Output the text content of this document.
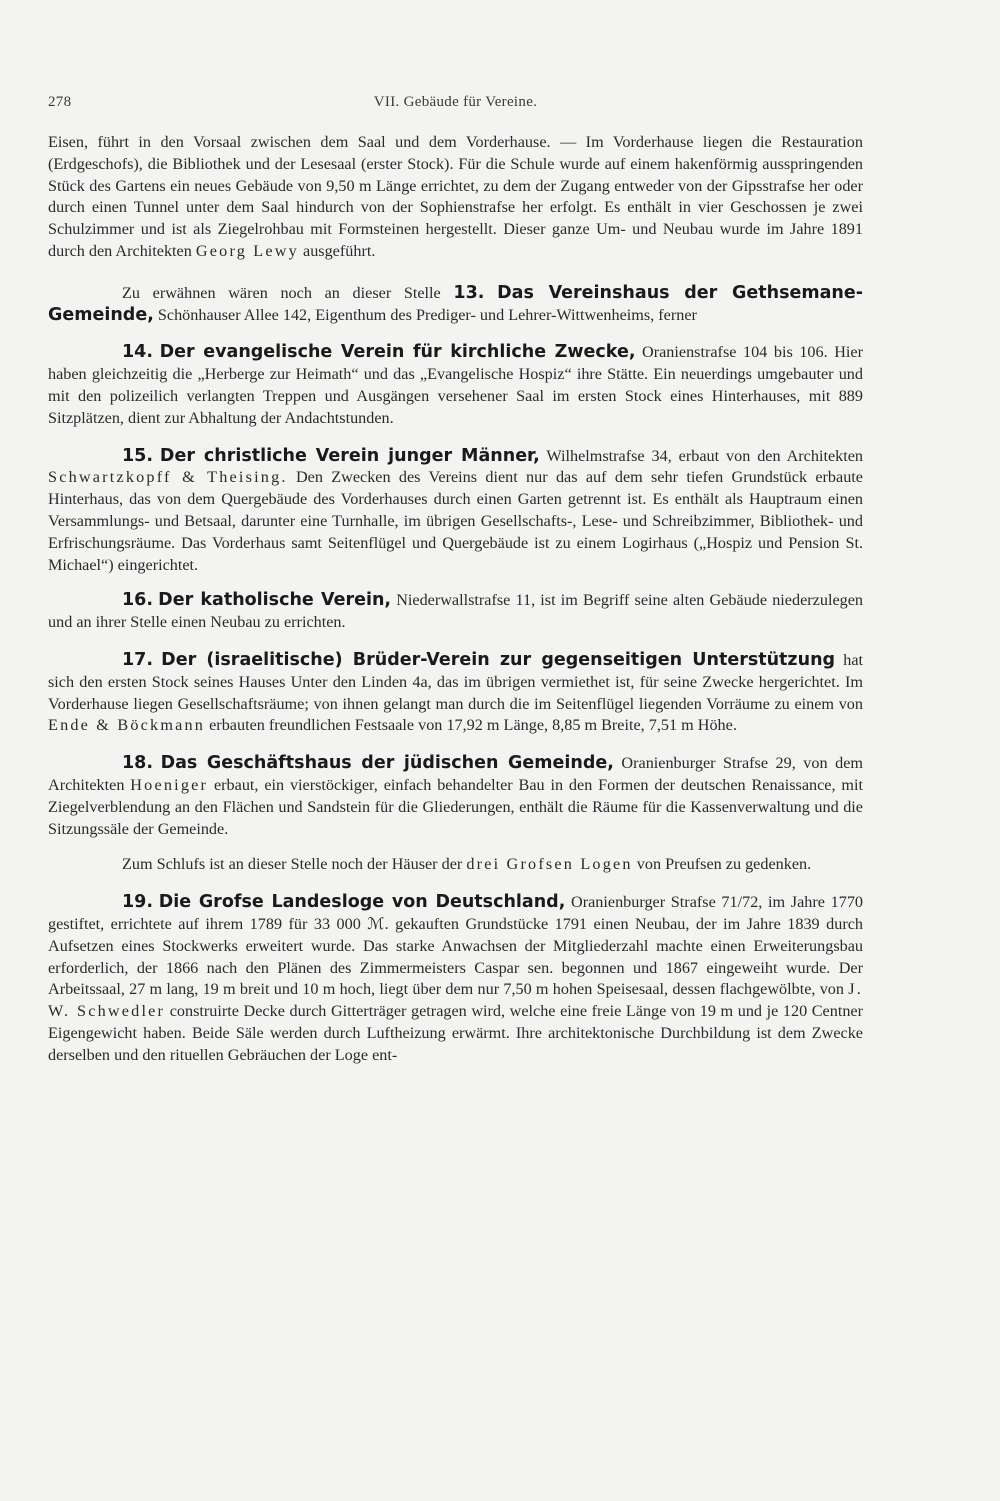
278	VII. Gebäude für Vereine.

Eisen, führt in den Vorsaal zwischen dem Saal und dem Vorderhause. — Im Vorderhause liegen die Restauration (Erdgeschofs), die Bibliothek und der Lesesaal (erster Stock). Für die Schule wurde auf einem hakenförmig ausspringenden Stück des Gartens ein neues Gebäude von 9,50 m Länge errichtet, zu dem der Zugang entweder von der Gipsstrafse her oder durch einen Tunnel unter dem Saal hindurch von der Sophienstrafse her erfolgt. Es enthält in vier Geschossen je zwei Schulzimmer und ist als Ziegelrohbau mit Formsteinen hergestellt. Dieser ganze Um- und Neubau wurde im Jahre 1891 durch den Architekten Georg Lewy ausgeführt.

Zu erwähnen wären noch an dieser Stelle 13. Das Vereinshaus der Gethsemane-Gemeinde, Schönhauser Allee 142, Eigenthum des Prediger- und Lehrer-Wittwenheims, ferner

14. Der evangelische Verein für kirchliche Zwecke, Oranienstrafse 104 bis 106. Hier haben gleichzeitig die „Herberge zur Heimath“ und das „Evangelische Hospiz“ ihre Stätte. Ein neuerdings umgebauter und mit den polizeilich verlangten Treppen und Ausgängen versehener Saal im ersten Stock eines Hinterhauses, mit 889 Sitzplätzen, dient zur Abhaltung der Andachtstunden.

15. Der christliche Verein junger Männer, Wilhelmstrafse 34, erbaut von den Architekten Schwartzkopff & Theising. Den Zwecken des Vereins dient nur das auf dem sehr tiefen Grundstück erbaute Hinterhaus, das von dem Quergebäude des Vorderhauses durch einen Garten getrennt ist. Es enthält als Hauptraum einen Versammlungs- und Betsaal, darunter eine Turnhalle, im übrigen Gesellschafts-, Lese- und Schreibzimmer, Bibliothek- und Erfrischungsräume. Das Vorderhaus samt Seitenflügel und Quergebäude ist zu einem Logirhaus („Hospiz und Pension St. Michael“) eingerichtet.

16. Der katholische Verein, Niederwallstrafse 11, ist im Begriff seine alten Gebäude niederzulegen und an ihrer Stelle einen Neubau zu errichten.

17. Der (israelitische) Brüder-Verein zur gegenseitigen Unterstützung hat sich den ersten Stock seines Hauses Unter den Linden 4a, das im übrigen vermiethet ist, für seine Zwecke hergerichtet. Im Vorderhause liegen Gesellschaftsräume; von ihnen gelangt man durch die im Seitenflügel liegenden Vorräume zu einem von Ende & Böckmann erbauten freundlichen Festsaale von 17,92 m Länge, 8,85 m Breite, 7,51 m Höhe.

18. Das Geschäftshaus der jüdischen Gemeinde, Oranienburger Strafse 29, von dem Architekten Hoeniger erbaut, ein vierstöckiger, einfach behandelter Bau in den Formen der deutschen Renaissance, mit Ziegelverblendung an den Flächen und Sandstein für die Gliederungen, enthält die Räume für die Kassenverwaltung und die Sitzungssäle der Gemeinde.

Zum Schlufs ist an dieser Stelle noch der Häuser der drei Grofsen Logen von Preufsen zu gedenken.

19. Die Grofse Landesloge von Deutschland, Oranienburger Strafse 71/72, im Jahre 1770 gestiftet, errichtete auf ihrem 1789 für 33 000 ℳ. gekauften Grundstücke 1791 einen Neubau, der im Jahre 1839 durch Aufsetzen eines Stockwerks erweitert wurde. Das starke Anwachsen der Mitgliederzahl machte einen Erweiterungsbau erforderlich, der 1866 nach den Plänen des Zimmermeisters Caspar sen. begonnen und 1867 eingeweiht wurde. Der Arbeitssaal, 27 m lang, 19 m breit und 10 m hoch, liegt über dem nur 7,50 m hohen Speisesaal, dessen flachgewölbte, von J. W. Schwedler construirte Decke durch Gitterträger getragen wird, welche eine freie Länge von 19 m und je 120 Centner Eigengewicht haben. Beide Säle werden durch Luftheizung erwärmt. Ihre architektonische Durchbildung ist dem Zwecke derselben und den rituellen Gebräuchen der Loge ent-
